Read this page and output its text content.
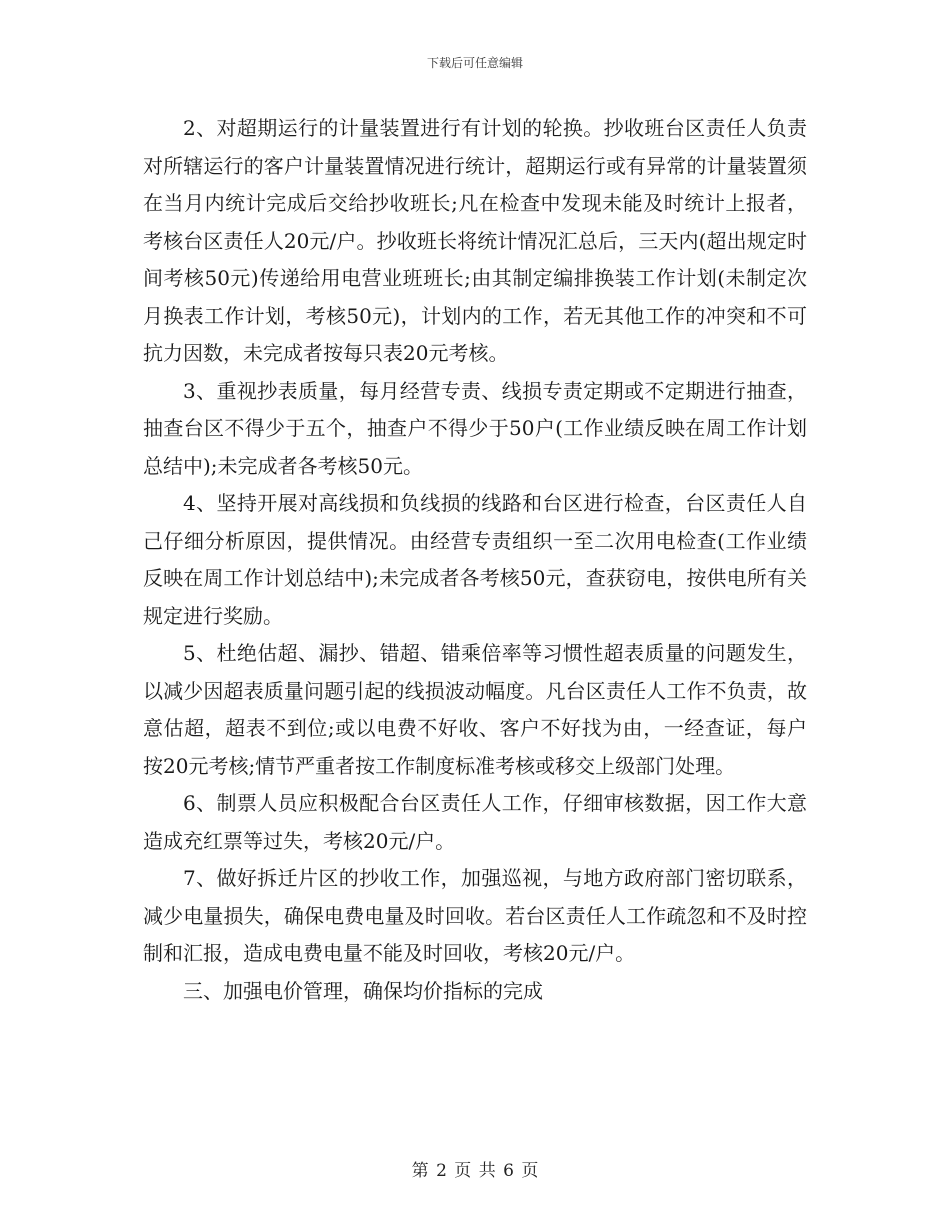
下载后可任意编辑

2、对超期运行的计量装置进行有计划的轮换。抄收班台区责任人负责对所辖运行的客户计量装置情况进行统计，超期运行或有异常的计量装置须在当月内统计完成后交给抄收班长;凡在检查中发现未能及时统计上报者，考核台区责任人20元/户。抄收班长将统计情况汇总后，三天内(超出规定时间考核50元)传递给用电营业班班长;由其制定编排换装工作计划(未制定次月换表工作计划，考核50元)，计划内的工作，若无其他工作的冲突和不可抗力因数，未完成者按每只表20元考核。

3、重视抄表质量，每月经营专责、线损专责定期或不定期进行抽查，抽查台区不得少于五个，抽查户不得少于50户(工作业绩反映在周工作计划总结中);未完成者各考核50元。

4、坚持开展对高线损和负线损的线路和台区进行检查，台区责任人自己仔细分析原因，提供情况。由经营专责组织一至二次用电检查(工作业绩反映在周工作计划总结中);未完成者各考核50元，查获窃电，按供电所有关规定进行奖励。

5、杜绝估超、漏抄、错超、错乘倍率等习惯性超表质量的问题发生，以减少因超表质量问题引起的线损波动幅度。凡台区责任人工作不负责，故意估超，超表不到位;或以电费不好收、客户不好找为由，一经查证，每户按20元考核;情节严重者按工作制度标准考核或移交上级部门处理。

6、制票人员应积极配合台区责任人工作，仔细审核数据，因工作大意造成充红票等过失，考核20元/户。

7、做好拆迁片区的抄收工作，加强巡视，与地方政府部门密切联系，减少电量损失，确保电费电量及时回收。若台区责任人工作疏忽和不及时控制和汇报，造成电费电量不能及时回收，考核20元/户。

三、加强电价管理，确保均价指标的完成

第 2 页 共 6 页
